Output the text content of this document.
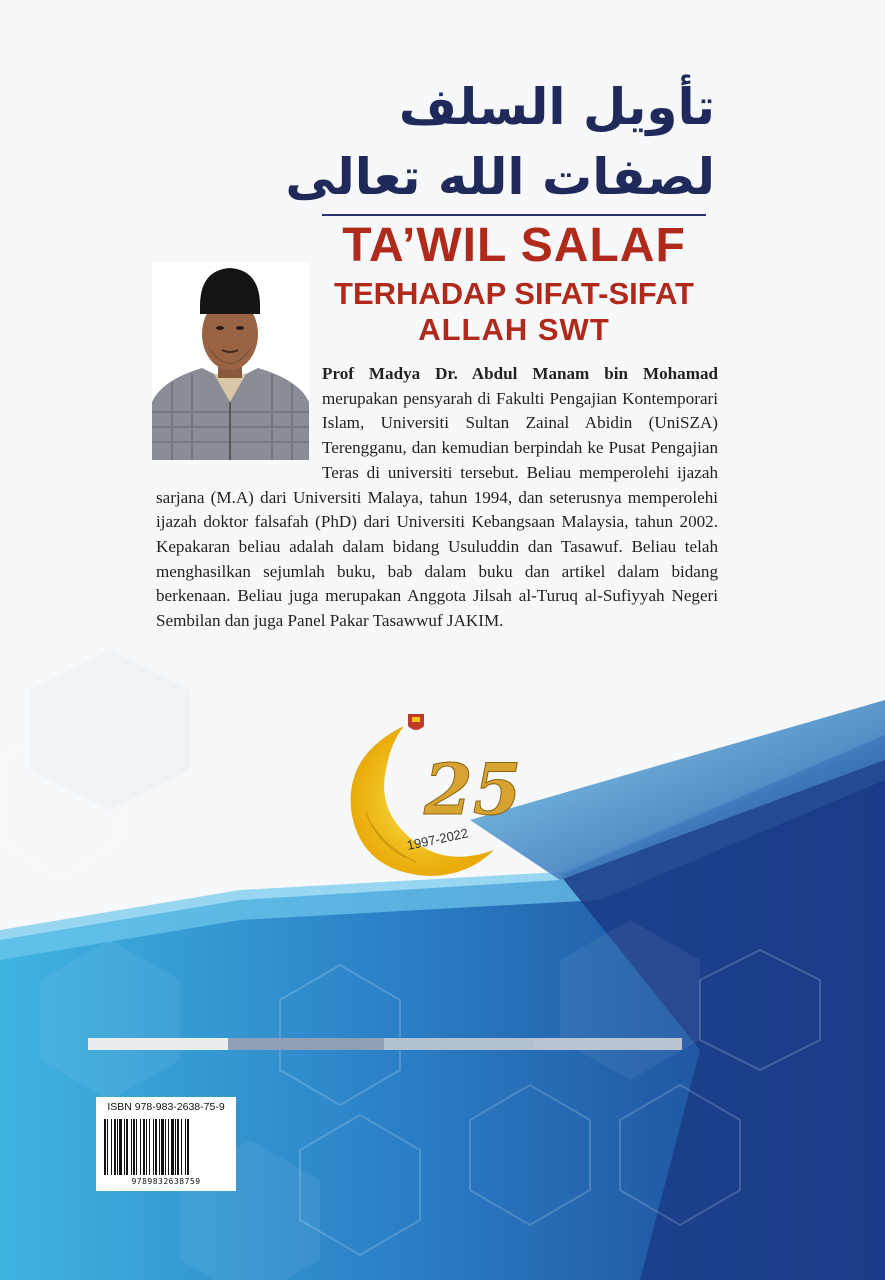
تأويل السلف
لصفات الله تعالى
TA’WIL SALAF
TERHADAP SIFAT-SIFAT
ALLAH SWT
Prof Madya Dr. Abdul Manam bin Mohamad merupakan pensyarah di Fakulti Pengajian Kontemporari Islam, Universiti Sultan Zainal Abidin (UniSZA) Terengganu, dan kemudian berpindah ke Pusat Pengajian Teras di universiti tersebut. Beliau memperolehi ijazah sarjana (M.A) dari Universiti Malaya, tahun 1994, dan seterusnya memperolehi ijazah doktor falsafah (PhD) dari Universiti Kebangsaan Malaysia, tahun 2002. Kepakaran beliau adalah dalam bidang Usuluddin dan Tasawuf. Beliau telah menghasilkan sejumlah buku, bab dalam buku dan artikel dalam bidang berkenaan. Beliau juga merupakan Anggota Jilsah al-Turuq al-Sufiyyah Negeri Sembilan dan juga Panel Pakar Tasawwuf JAKIM.
25
1997-2022
ISBN 978-983-2638-75-9
9789832638759
